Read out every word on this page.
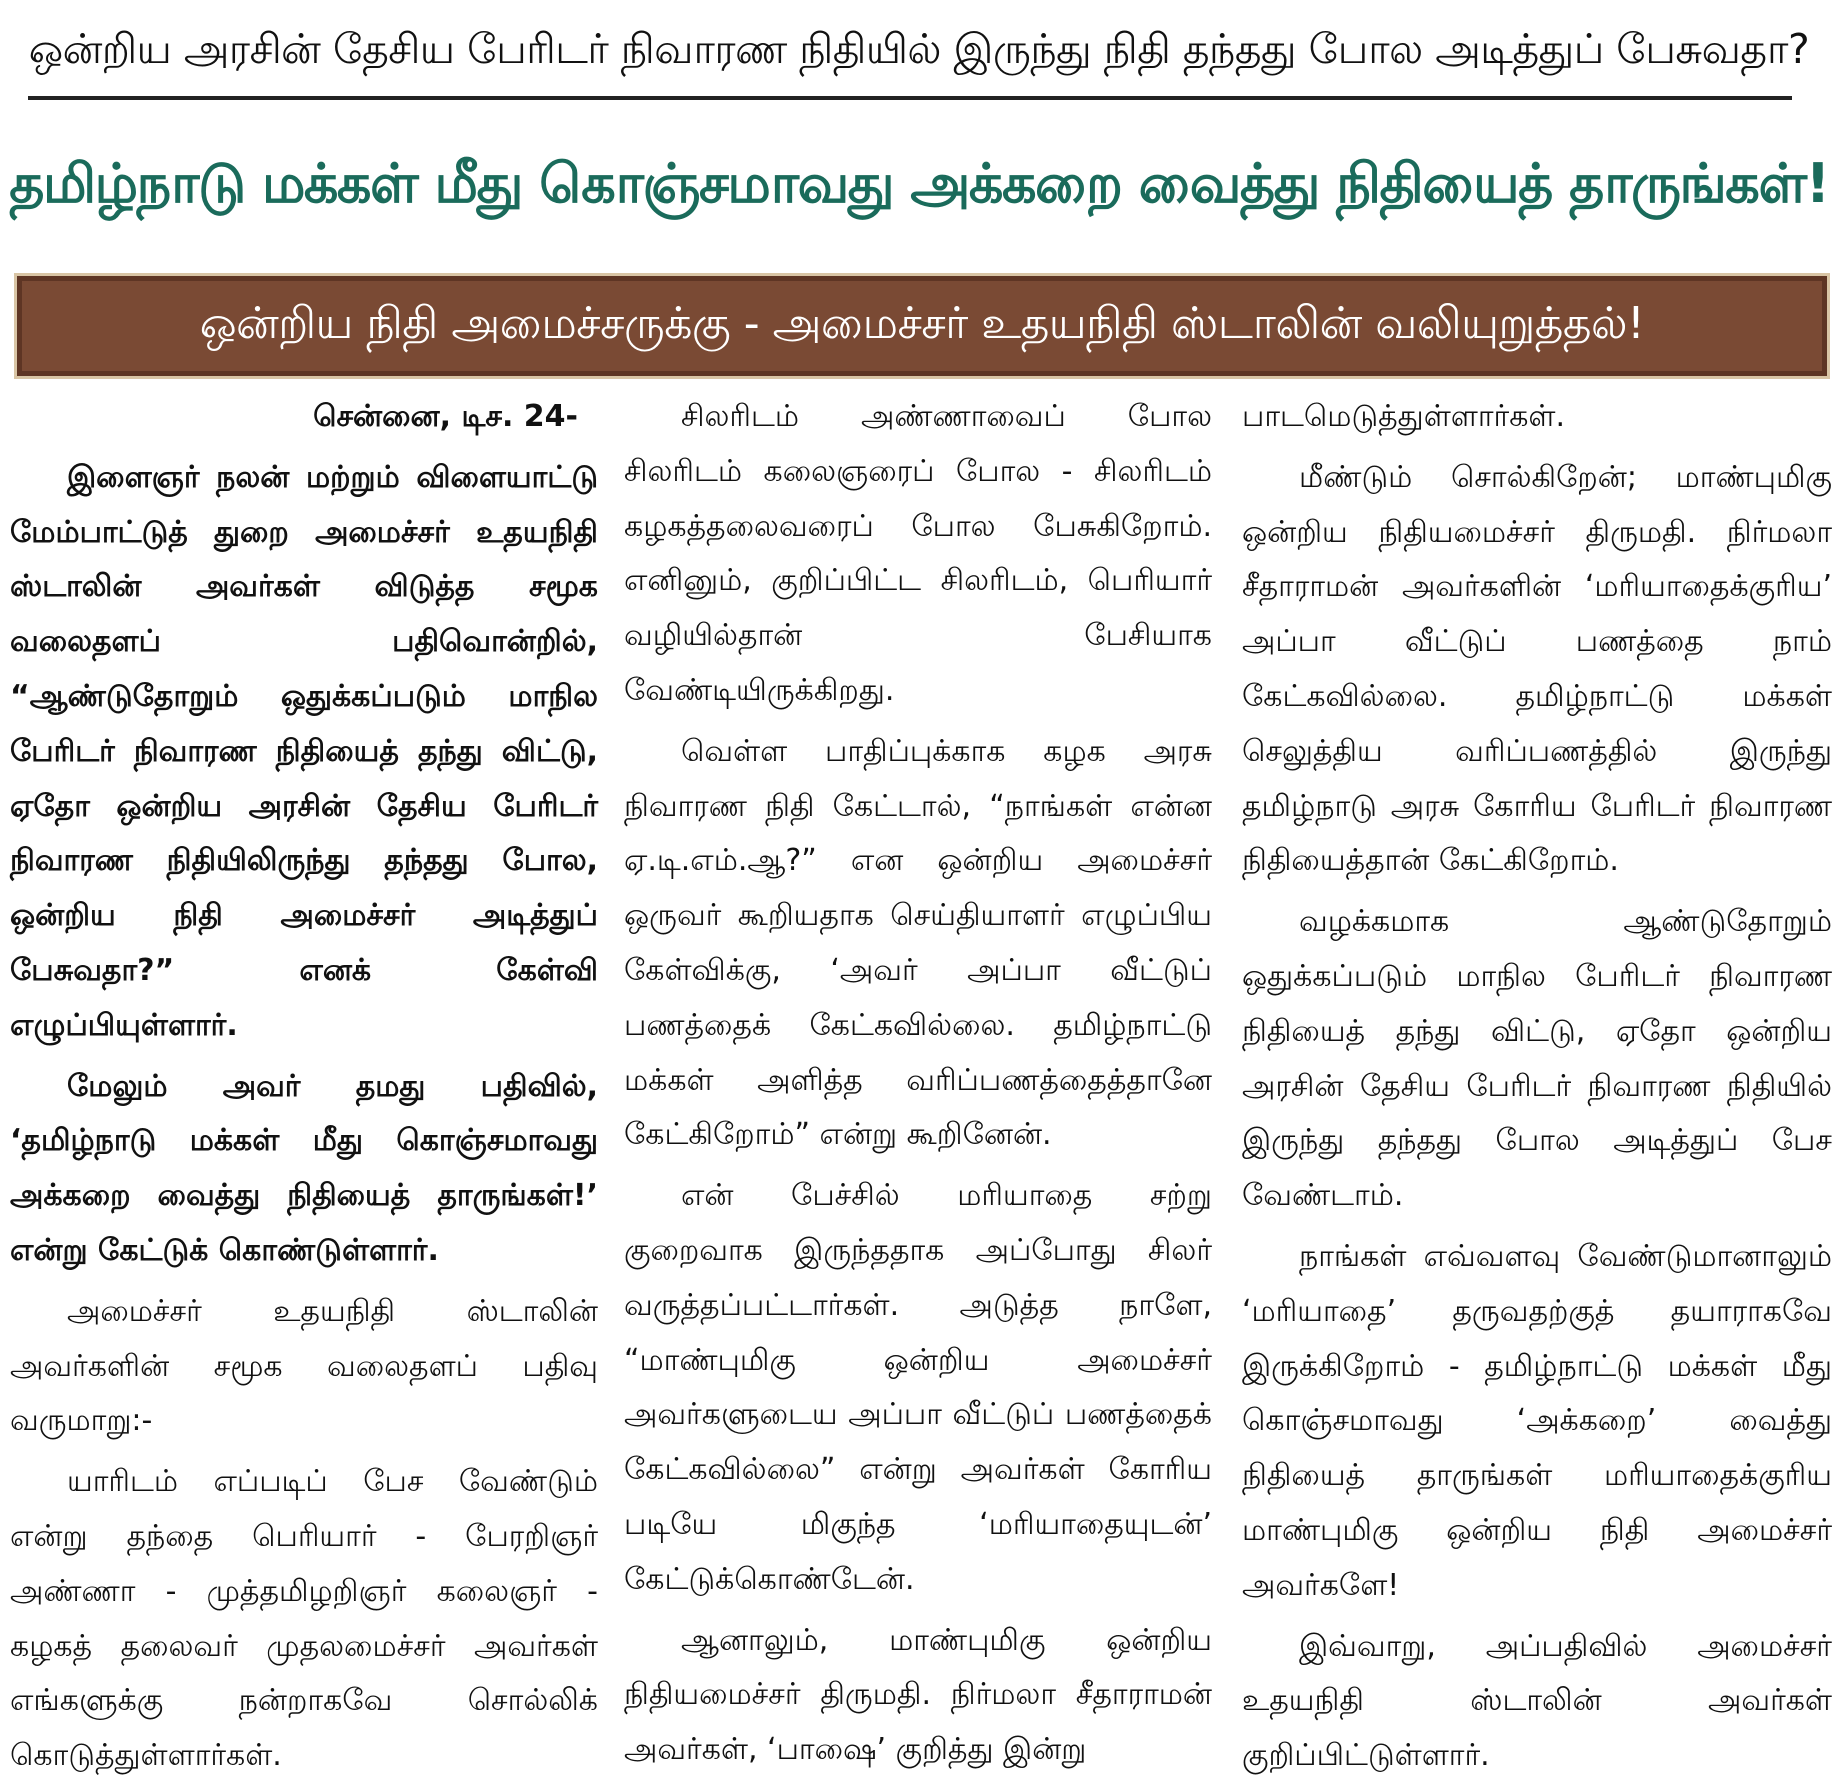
ஒன்றிய அரசின் தேசிய பேரிடர் நிவாரண நிதியில் இருந்து நிதி தந்தது போல அடித்துப் பேசுவதா?
தமிழ்நாடு மக்கள் மீது கொஞ்சமாவது அக்கறை வைத்து நிதியைத் தாருங்கள்!
ஒன்றிய நிதி அமைச்சருக்கு - அமைச்சர் உதயநிதி ஸ்டாலின் வலியுறுத்தல்!

சென்னை, டிச. 24-

இளைஞர் நலன் மற்றும் விளையாட்டு மேம்பாட்டுத் துறை அமைச்சர் உதயநிதி ஸ்டாலின் அவர்கள் விடுத்த சமூக வலைதளப் பதிவொன்றில், “ஆண்டுதோறும் ஒதுக்கப்படும் மாநில பேரிடர் நிவாரண நிதியைத் தந்து விட்டு, ஏதோ ஒன்றிய அரசின் தேசிய பேரிடர் நிவாரண நிதியிலிருந்து தந்தது போல, ஒன்றிய நிதி அமைச்சர் அடித்துப் பேசுவதா?” எனக் கேள்வி எழுப்பியுள்ளார்.

மேலும் அவர் தமது பதிவில், ‘தமிழ்நாடு மக்கள் மீது கொஞ்சமாவது அக்கறை வைத்து நிதியைத் தாருங்கள்!’ என்று கேட்டுக் கொண்டுள்ளார்.

அமைச்சர் உதயநிதி ஸ்டாலின் அவர்களின் சமூக வலைதளப் பதிவு வருமாறு:-

யாரிடம் எப்படிப் பேச வேண்டும் என்று தந்தை பெரியார் - பேரறிஞர் அண்ணா - முத்தமிழறிஞர் கலைஞர் - கழகத் தலைவர் முதலமைச்சர் அவர்கள் எங்களுக்கு நன்றாகவே சொல்லிக் கொடுத்துள்ளார்கள்.

சிலரிடம் அண்ணாவைப் போல சிலரிடம் கலைஞரைப் போல - சிலரிடம் கழகத்தலைவரைப் போல பேசுகிறோம். எனினும், குறிப்பிட்ட சிலரிடம், பெரியார் வழியில்தான் பேசியாக வேண்டியிருக்கிறது.

வெள்ள பாதிப்புக்காக கழக அரசு நிவாரண நிதி கேட்டால், “நாங்கள் என்ன ஏ.டி.எம்.ஆ?” என ஒன்றிய அமைச்சர் ஒருவர் கூறியதாக செய்தியாளர் எழுப்பிய கேள்விக்கு, ‘அவர் அப்பா வீட்டுப் பணத்தைக் கேட்கவில்லை. தமிழ்நாட்டு மக்கள் அளித்த வரிப்பணத்தைத்தானே கேட்கிறோம்” என்று கூறினேன்.

என் பேச்சில் மரியாதை சற்று குறைவாக இருந்ததாக அப்போது சிலர் வருத்தப்பட்டார்கள். அடுத்த நாளே, “மாண்புமிகு ஒன்றிய அமைச்சர் அவர்களுடைய அப்பா வீட்டுப் பணத்தைக் கேட்கவில்லை” என்று அவர்கள் கோரிய படியே மிகுந்த ‘மரியாதையுடன்’ கேட்டுக்கொண்டேன்.

ஆனாலும், மாண்புமிகு ஒன்றிய நிதியமைச்சர் திருமதி. நிர்மலா சீதாராமன் அவர்கள், ‘பாஷை’ குறித்து இன்று

பாடமெடுத்துள்ளார்கள்.

மீண்டும் சொல்கிறேன்; மாண்புமிகு ஒன்றிய நிதியமைச்சர் திருமதி. நிர்மலா சீதாராமன் அவர்களின் ‘மரியாதைக்குரிய’ அப்பா வீட்டுப் பணத்தை நாம் கேட்கவில்லை. தமிழ்நாட்டு மக்கள் செலுத்திய வரிப்பணத்தில் இருந்து தமிழ்நாடு அரசு கோரிய பேரிடர் நிவாரண நிதியைத்தான் கேட்கிறோம்.

வழக்கமாக ஆண்டுதோறும் ஒதுக்கப்படும் மாநில பேரிடர் நிவாரண நிதியைத் தந்து விட்டு, ஏதோ ஒன்றிய அரசின் தேசிய பேரிடர் நிவாரண நிதியில் இருந்து தந்தது போல அடித்துப் பேச வேண்டாம்.

நாங்கள் எவ்வளவு வேண்டுமானாலும் ‘மரியாதை’ தருவதற்குத் தயாராகவே இருக்கிறோம் - தமிழ்நாட்டு மக்கள் மீது கொஞ்சமாவது ‘அக்கறை’ வைத்து நிதியைத் தாருங்கள் மரியாதைக்குரிய மாண்புமிகு ஒன்றிய நிதி அமைச்சர் அவர்களே!

இவ்வாறு, அப்பதிவில் அமைச்சர் உதயநிதி ஸ்டாலின் அவர்கள் குறிப்பிட்டுள்ளார்.
